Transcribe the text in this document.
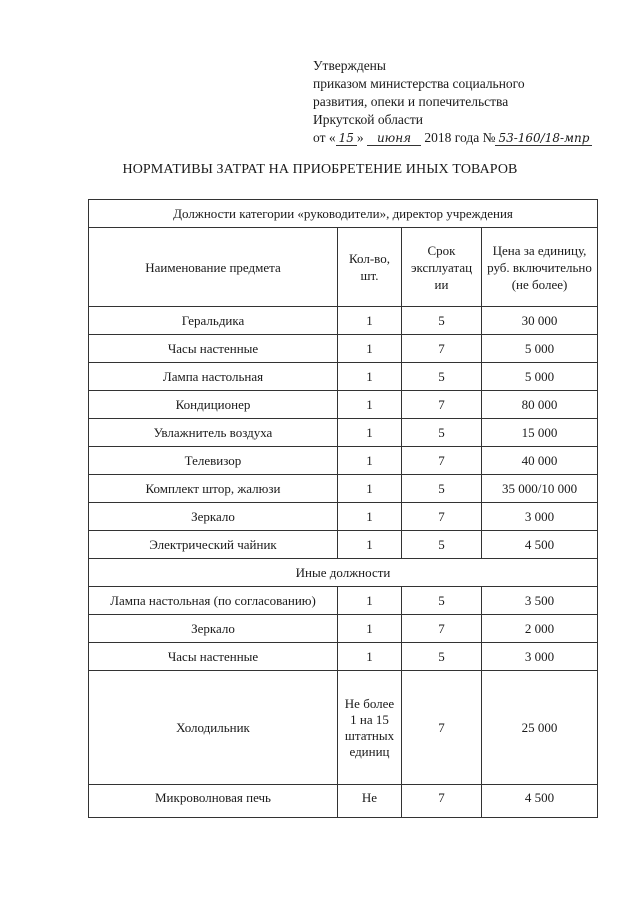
Утверждены
приказом министерства социального
развития, опеки и попечительства
Иркутской области
от « 15 » июня 2018 года № 53-160/18-мпр
НОРМАТИВЫ ЗАТРАТ НА ПРИОБРЕТЕНИЕ ИНЫХ ТОВАРОВ
Должности категории «руководители», директор учреждения			
Наименование предмета	Кол-во, шт.	Срок эксплуатац ии	Цена за единицу, руб. включительно (не более)
Геральдика	1	5	30 000
Часы настенные	1	7	5 000
Лампа настольная	1	5	5 000
Кондиционер	1	7	80 000
Увлажнитель воздуха	1	5	15 000
Телевизор	1	7	40 000
Комплект штор, жалюзи	1	5	35 000/10 000
Зеркало	1	7	3 000
Электрический чайник	1	5	4 500
Иные должности			
Лампа настольная (по согласованию)	1	5	3 500
Зеркало	1	7	2 000
Часы настенные	1	5	3 000
Холодильник	Не более 1 на 15 штатных единиц	7	25 000
Микроволновая печь	Не	7	4 500
